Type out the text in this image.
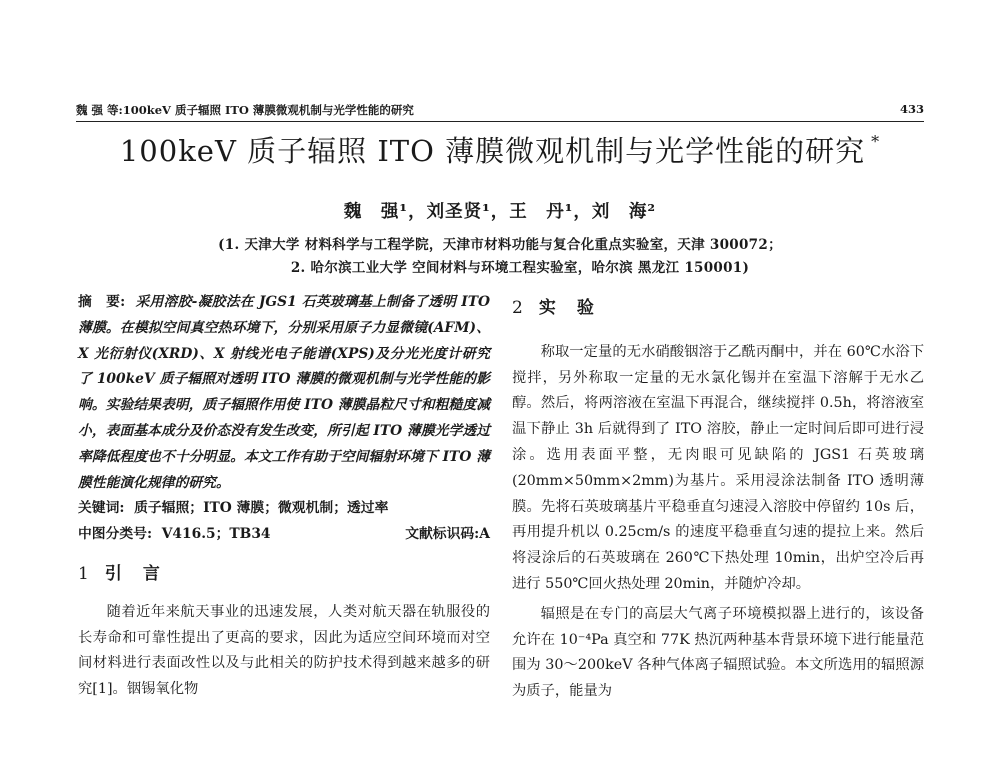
魏 强 等:100keV 质子辐照 ITO 薄膜微观机制与光学性能的研究	433
100keV 质子辐照 ITO 薄膜微观机制与光学性能的研究 *
魏　强¹，刘圣贤¹，王　丹¹，刘　海²
(1. 天津大学 材料科学与工程学院，天津市材料功能与复合化重点实验室，天津 300072；
2. 哈尔滨工业大学 空间材料与环境工程实验室，哈尔滨 黑龙江 150001)
摘　要: 采用溶胶-凝胶法在 JGS1 石英玻璃基上制备了透明 ITO 薄膜。在模拟空间真空热环境下，分别采用原子力显微镜(AFM)、X 光衍射仪(XRD)、X 射线光电子能谱(XPS)及分光光度计研究了 100keV 质子辐照对透明 ITO 薄膜的微观机制与光学性能的影响。实验结果表明，质子辐照作用使 ITO 薄膜晶粒尺寸和粗糙度减小，表面基本成分及价态没有发生改变，所引起 ITO 薄膜光学透过率降低程度也不十分明显。本文工作有助于空间辐射环境下 ITO 薄膜性能演化规律的研究。
关键词: 质子辐照；ITO 薄膜；微观机制；透过率
中图分类号: V416.5；TB34	文献标识码:A
1 引　言

随着近年来航天事业的迅速发展，人类对航天器在轨服役的长寿命和可靠性提出了更高的要求，因此为适应空间环境而对空间材料进行表面改性以及与此相关的防护技术得到越来越多的研究[1]。铟锡氧化物

2 实　验

称取一定量的无水硝酸铟溶于乙酰丙酮中，并在 60℃水浴下搅拌，另外称取一定量的无水氯化锡并在室温下溶解于无水乙醇。然后，将两溶液在室温下再混合，继续搅拌 0.5h，将溶液室温下静止 3h 后就得到了 ITO 溶胶，静止一定时间后即可进行浸涂。选用表面平整，无肉眼可见缺陷的 JGS1 石英玻璃(20mm×50mm×2mm)为基片。采用浸涂法制备 ITO 透明薄膜。先将石英玻璃基片平稳垂直匀速浸入溶胶中停留约 10s 后，再用提升机以 0.25cm/s 的速度平稳垂直匀速的提拉上来。然后将浸涂后的石英玻璃在 260℃下热处理 10min，出炉空冷后再进行 550℃回火热处理 20min，并随炉冷却。

辐照是在专门的高层大气离子环境模拟器上进行的，该设备允许在 10⁻⁴Pa 真空和 77K 热沉两种基本背景环境下进行能量范围为 30～200keV 各种气体离子辐照试验。本文所选用的辐照源为质子，能量为
